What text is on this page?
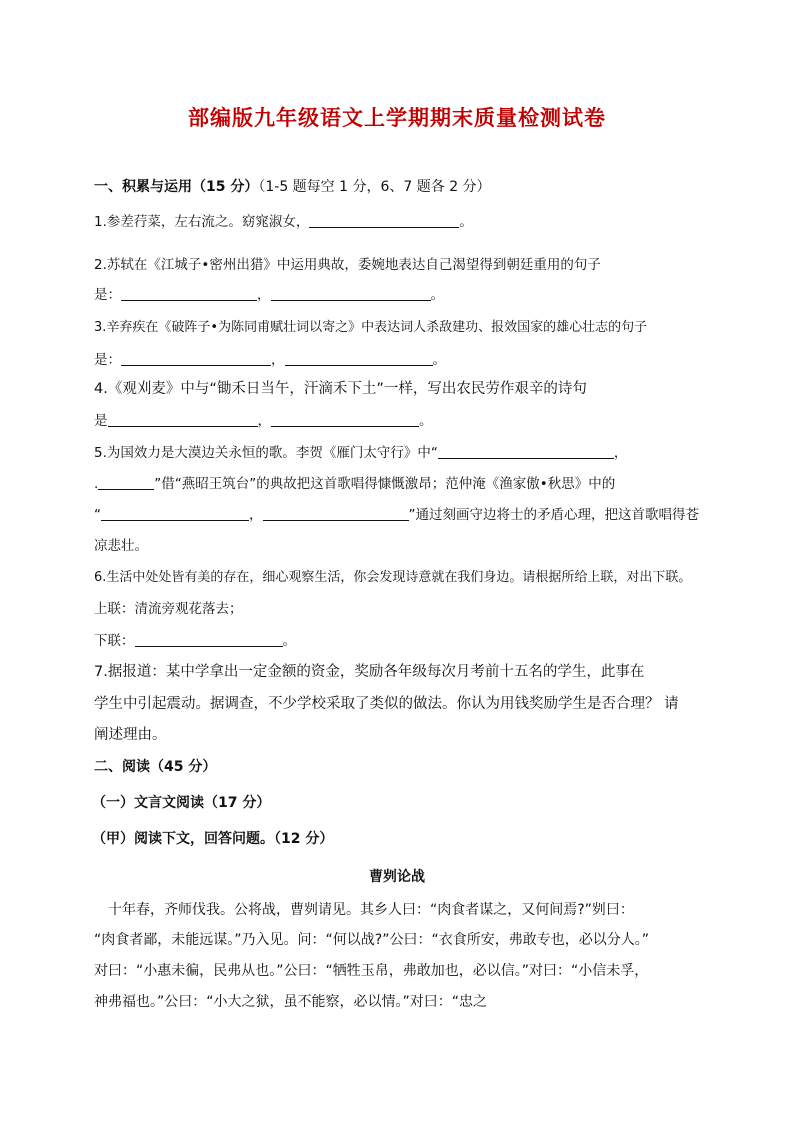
部编版九年级语文上学期期末质量检测试卷
一、积累与运用（15 分）（1-5 题每空 1 分，6、7 题各 2 分）
1.参差荇菜，左右流之。窈窕淑女，	。
2.苏轼在《江城子•密州出猎》中运用典故，委婉地表达自己渴望得到朝廷重用的句子
是：	，	。
3.辛弃疾在《破阵子•为陈同甫赋壮词以寄之》中表达词人杀敌建功、报效国家的雄心壮志的句子
是：	，	。
4.《观刈麦》中与“锄禾日当午，汗滴禾下土”一样，写出农民劳作艰辛的诗句
是	，	。
5.为国效力是大漠边关永恒的歌。李贺《雁门太守行》中“	，
.	”借“燕昭王筑台”的典故把这首歌唱得慷慨激昂；范仲淹《渔家傲•秋思》中的
“	，	”通过刻画守边将士的矛盾心理，把这首歌唱得苍
凉悲壮。
6.生活中处处皆有美的存在，细心观察生活，你会发现诗意就在我们身边。请根据所给上联，对出下联。
上联：清流旁观花落去；
下联：	。
7.据报道：某中学拿出一定金额的资金，奖励各年级每次月考前十五名的学生，此事在
学生中引起震动。据调查，不少学校采取了类似的做法。你认为用钱奖励学生是否合理？ 请
阐述理由。
二、阅读（45 分）
（一）文言文阅读（17 分）
（甲）阅读下文，回答问题。（12 分）
曹刿论战
　十年春，齐师伐我。公将战，曹刿请见。其乡人曰：“肉食者谋之，又何间焉?”刿曰：
“肉食者鄙，未能远谋。”乃入见。问：“何以战?”公曰：“衣食所安，弗敢专也，必以分人。”
对曰：“小惠未徧，民弗从也。”公曰：“牺牲玉帛，弗敢加也，必以信。”对曰：“小信未孚，
神弗福也。”公曰：“小大之狱，虽不能察，必以情。”对曰：“忠之
